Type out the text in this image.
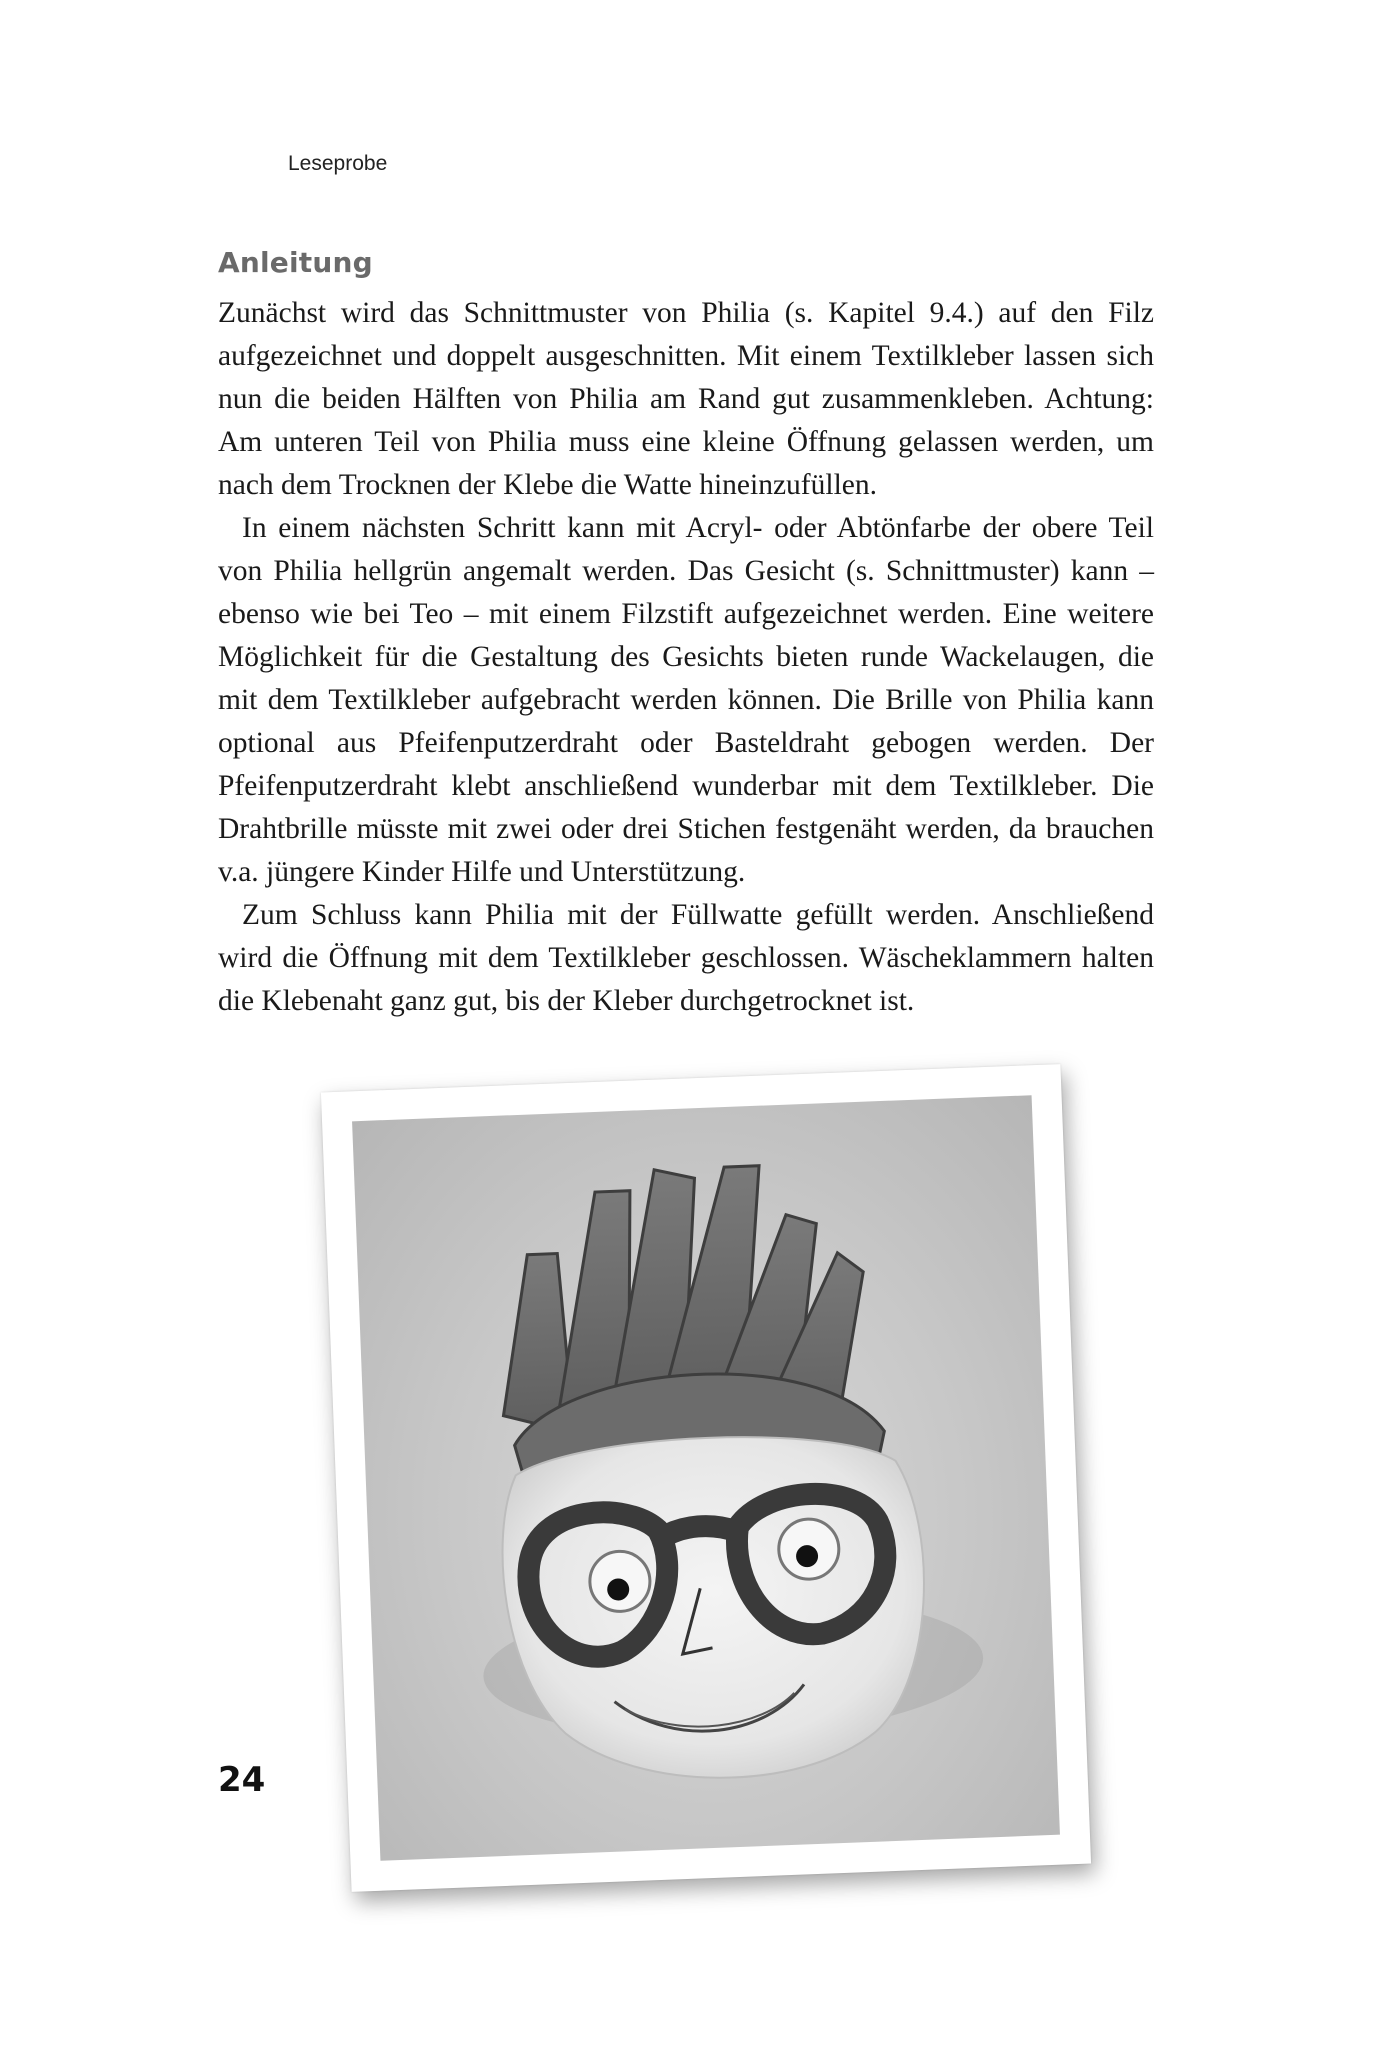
Leseprobe
Anleitung

Zunächst wird das Schnittmuster von Philia (s. Kapitel 9.4.) auf den Filz aufgezeichnet und doppelt ausgeschnitten. Mit einem Textilkleber lassen sich nun die beiden Hälften von Philia am Rand gut zusammenkleben. Achtung: Am unteren Teil von Philia muss eine kleine Öffnung gelassen werden, um nach dem Trocknen der Klebe die Watte hineinzufüllen.

In einem nächsten Schritt kann mit Acryl- oder Abtönfarbe der obere Teil von Philia hellgrün angemalt werden. Das Gesicht (s. Schnittmuster) kann – ebenso wie bei Teo – mit einem Filzstift aufgezeichnet werden. Eine weitere Möglichkeit für die Gestaltung des Gesichts bieten runde Wackelaugen, die mit dem Textilkleber aufgebracht werden können. Die Brille von Philia kann optional aus Pfeifenputzerdraht oder Basteldraht gebogen werden. Der Pfeifenputzerdraht klebt anschließend wunderbar mit dem Textilkleber. Die Drahtbrille müsste mit zwei oder drei Stichen festgenäht werden, da brauchen v.a. jüngere Kinder Hilfe und Unterstützung.

Zum Schluss kann Philia mit der Füllwatte gefüllt werden. Anschließend wird die Öffnung mit dem Textilkleber geschlossen. Wäscheklammern halten die Klebenaht ganz gut, bis der Kleber durchgetrocknet ist.

24
